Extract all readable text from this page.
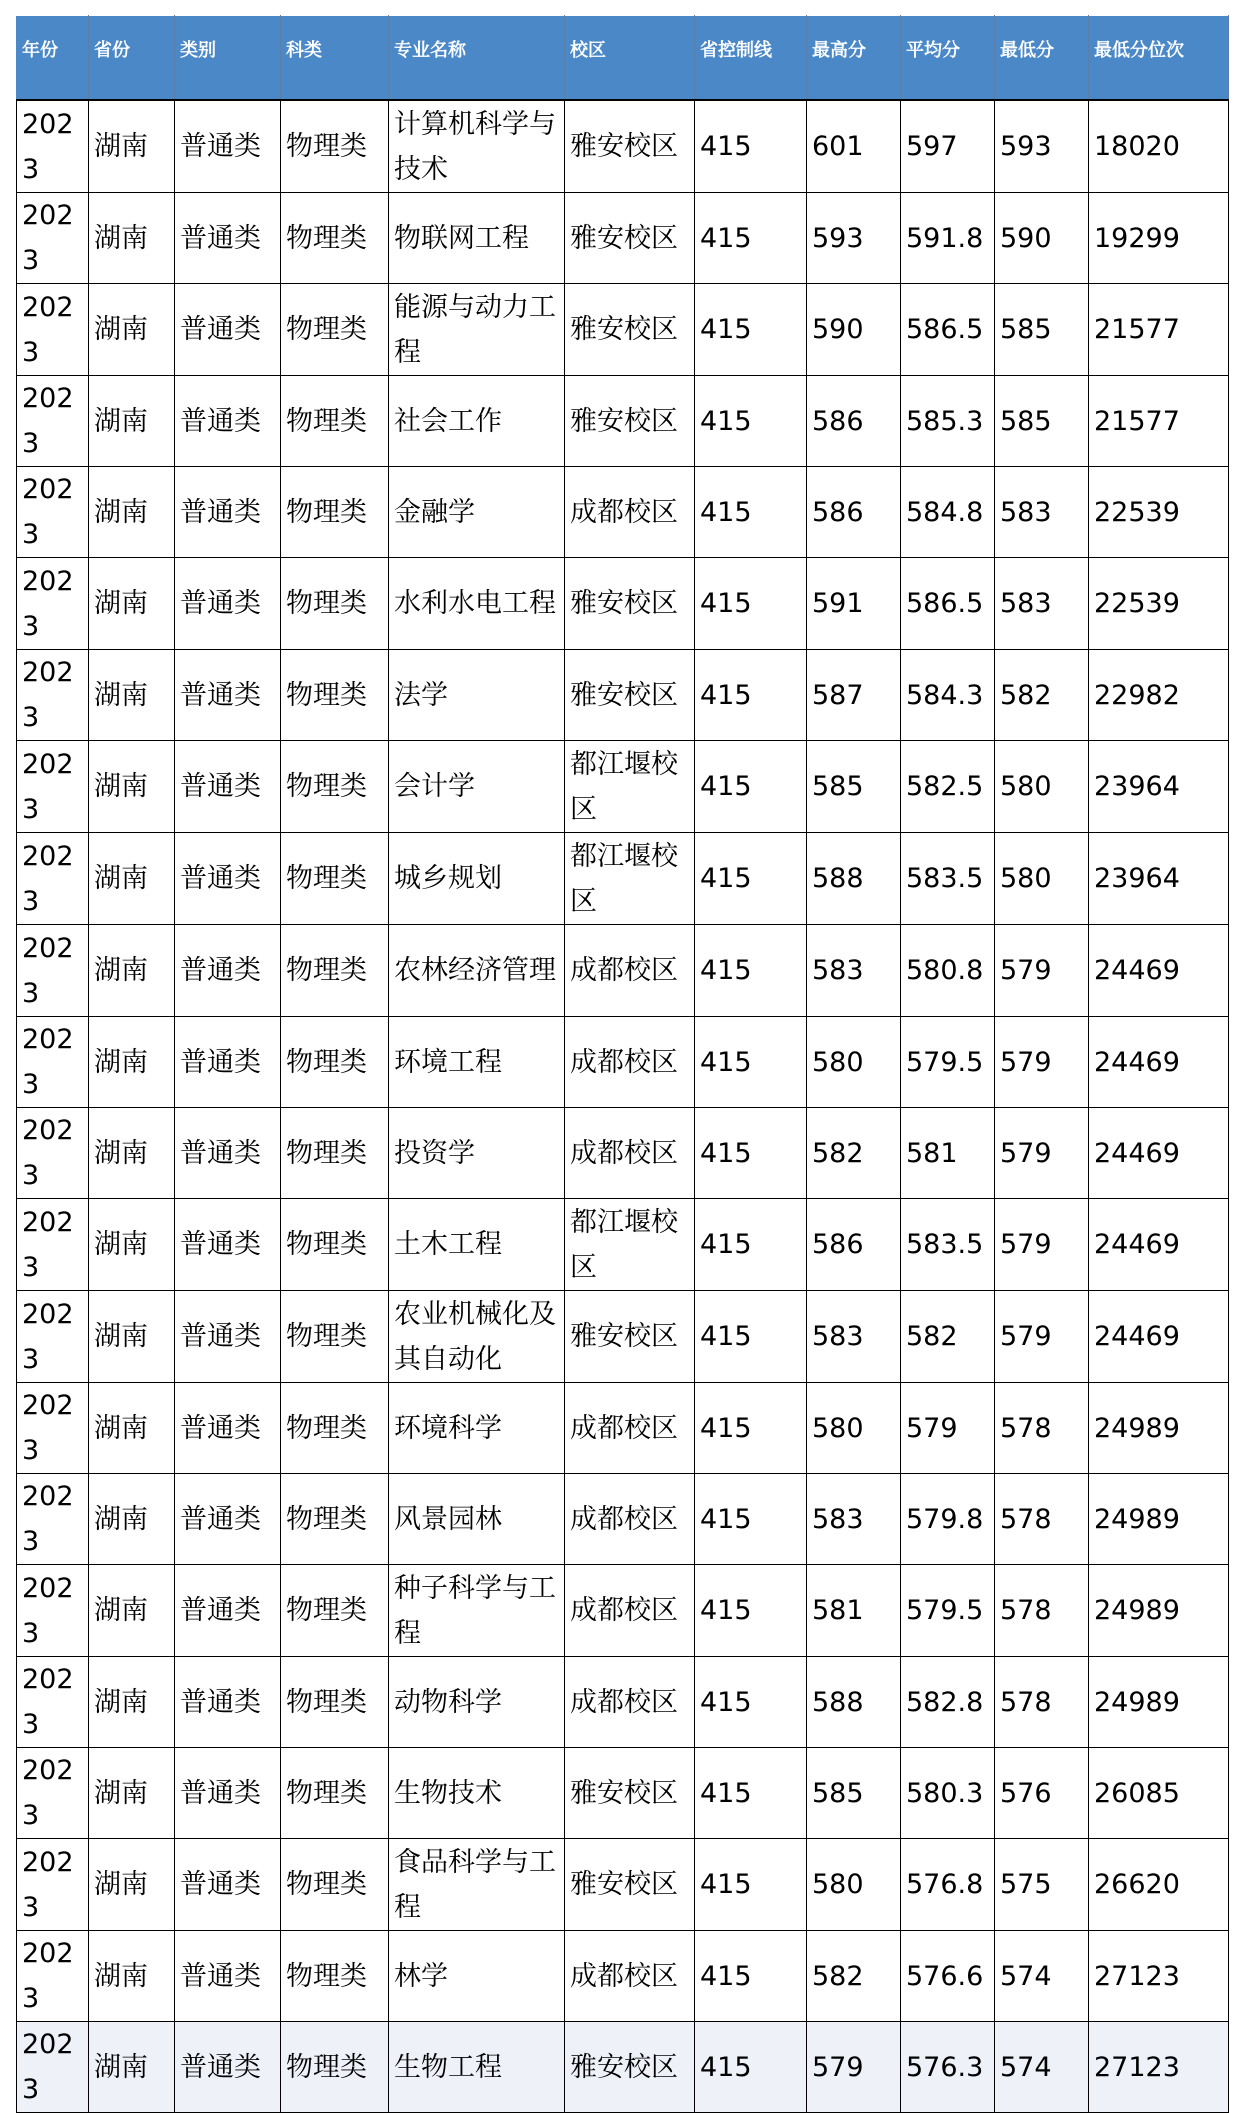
年份	省份	类别	科类	专业名称	校区	省控制线	最高分	平均分	最低分	最低分位次

2023	湖南	普通类	物理类	计算机科学与技术	雅安校区	415	601	597	593	18020

2023	湖南	普通类	物理类	物联网工程	雅安校区	415	593	591.8	590	19299

2023	湖南	普通类	物理类	能源与动力工程	雅安校区	415	590	586.5	585	21577

2023	湖南	普通类	物理类	社会工作	雅安校区	415	586	585.3	585	21577

2023	湖南	普通类	物理类	金融学	成都校区	415	586	584.8	583	22539

2023	湖南	普通类	物理类	水利水电工程	雅安校区	415	591	586.5	583	22539

2023	湖南	普通类	物理类	法学	雅安校区	415	587	584.3	582	22982

2023	湖南	普通类	物理类	会计学	都江堰校区	415	585	582.5	580	23964

2023	湖南	普通类	物理类	城乡规划	都江堰校区	415	588	583.5	580	23964

2023	湖南	普通类	物理类	农林经济管理	成都校区	415	583	580.8	579	24469

2023	湖南	普通类	物理类	环境工程	成都校区	415	580	579.5	579	24469

2023	湖南	普通类	物理类	投资学	成都校区	415	582	581	579	24469

2023	湖南	普通类	物理类	土木工程	都江堰校区	415	586	583.5	579	24469

2023	湖南	普通类	物理类	农业机械化及其自动化	雅安校区	415	583	582	579	24469

2023	湖南	普通类	物理类	环境科学	成都校区	415	580	579	578	24989

2023	湖南	普通类	物理类	风景园林	成都校区	415	583	579.8	578	24989

2023	湖南	普通类	物理类	种子科学与工程	成都校区	415	581	579.5	578	24989

2023	湖南	普通类	物理类	动物科学	成都校区	415	588	582.8	578	24989

2023	湖南	普通类	物理类	生物技术	雅安校区	415	585	580.3	576	26085

2023	湖南	普通类	物理类	食品科学与工程	雅安校区	415	580	576.8	575	26620

2023	湖南	普通类	物理类	林学	成都校区	415	582	576.6	574	27123

2023	湖南	普通类	物理类	生物工程	雅安校区	415	579	576.3	574	27123
